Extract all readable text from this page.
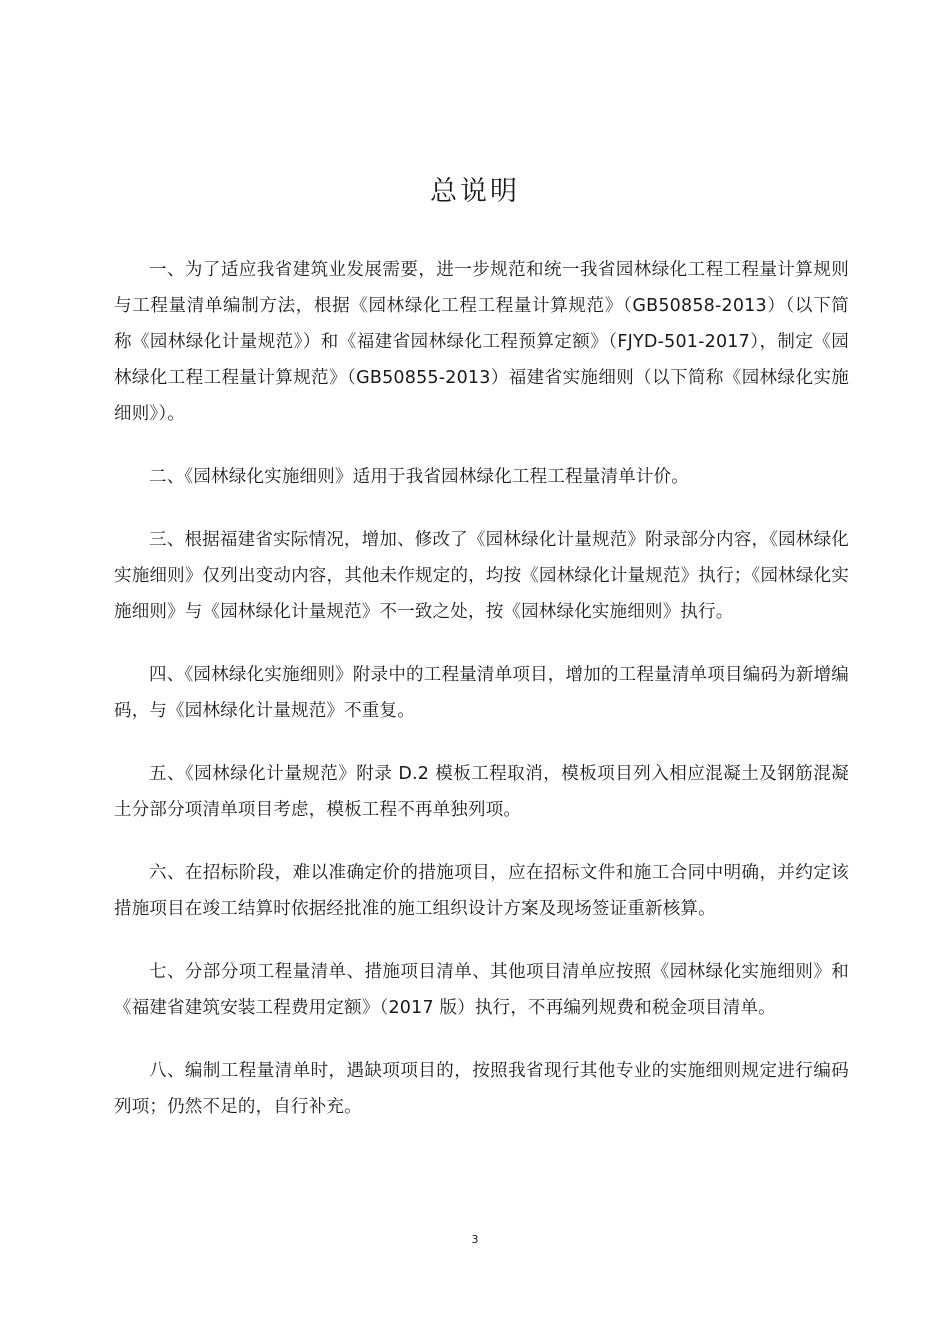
总说明

一、为了适应我省建筑业发展需要，进一步规范和统一我省园林绿化工程工程量计算规则与工程量清单编制方法，根据《园林绿化工程工程量计算规范》（GB50858-2013）（以下简称《园林绿化计量规范》）和《福建省园林绿化工程预算定额》（FJYD-501-2017），制定《园林绿化工程工程量计算规范》（GB50855-2013）福建省实施细则（以下简称《园林绿化实施细则》）。

二、《园林绿化实施细则》适用于我省园林绿化工程工程量清单计价。

三、根据福建省实际情况，增加、修改了《园林绿化计量规范》附录部分内容，《园林绿化实施细则》仅列出变动内容，其他未作规定的，均按《园林绿化计量规范》执行；《园林绿化实施细则》与《园林绿化计量规范》不一致之处，按《园林绿化实施细则》执行。

四、《园林绿化实施细则》附录中的工程量清单项目，增加的工程量清单项目编码为新增编码，与《园林绿化计量规范》不重复。

五、《园林绿化计量规范》附录 D.2 模板工程取消，模板项目列入相应混凝土及钢筋混凝土分部分项清单项目考虑，模板工程不再单独列项。

六、在招标阶段，难以准确定价的措施项目，应在招标文件和施工合同中明确，并约定该措施项目在竣工结算时依据经批准的施工组织设计方案及现场签证重新核算。

七、分部分项工程量清单、措施项目清单、其他项目清单应按照《园林绿化实施细则》和《福建省建筑安装工程费用定额》（2017 版）执行，不再编列规费和税金项目清单。

八、编制工程量清单时，遇缺项项目的，按照我省现行其他专业的实施细则规定进行编码列项；仍然不足的，自行补充。

3
